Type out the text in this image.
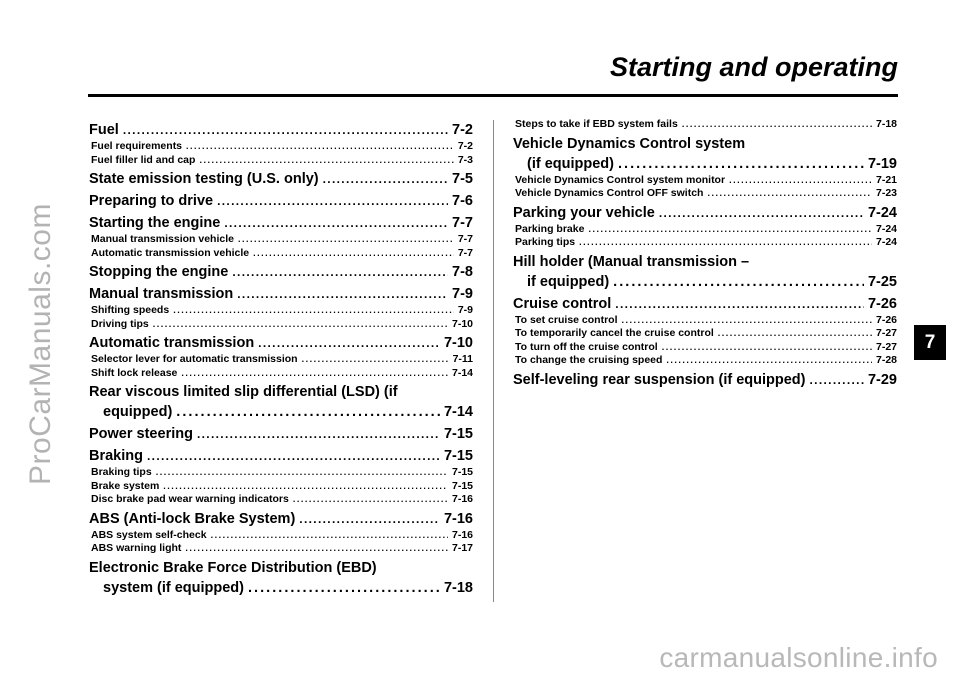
ProCarManuals.com
Starting and operating
Fuel . . .	7-2
Fuel requirements . . .	7-2
Fuel filler lid and cap . . .	7-3
State emission testing (U.S. only) . . .	7-5
Preparing to drive . . .	7-6
Starting the engine . . .	7-7
Manual transmission vehicle . . .	7-7
Automatic transmission vehicle . . .	7-7
Stopping the engine . . .	7-8
Manual transmission . . .	7-9
Shifting speeds . . .	7-9
Driving tips . . .	7-10
Automatic transmission . . .	7-10
Selector lever for automatic transmission . . .	7-11
Shift lock release . . .	7-14
Rear viscous limited slip differential (LSD) (if
equipped) . . .	7-14
Power steering . . .	7-15
Braking . . .	7-15
Braking tips . . .	7-15
Brake system . . .	7-15
Disc brake pad wear warning indicators . . .	7-16
ABS (Anti-lock Brake System) . . .	7-16
ABS system self-check . . .	7-16
ABS warning light . . .	7-17
Electronic Brake Force Distribution (EBD)
system (if equipped) . . .	7-18
Steps to take if EBD system fails . . .	7-18
Vehicle Dynamics Control system
(if equipped) . . .	7-19
Vehicle Dynamics Control system monitor . . .	7-21
Vehicle Dynamics Control OFF switch . . .	7-23
Parking your vehicle . . .	7-24
Parking brake . . .	7-24
Parking tips . . .	7-24
Hill holder (Manual transmission –
if equipped) . . .	7-25
Cruise control . . .	7-26
To set cruise control . . .	7-26
To temporarily cancel the cruise control . . .	7-27
To turn off the cruise control . . .	7-27
To change the cruising speed . . .	7-28
Self-leveling rear suspension (if equipped) . . .	7-29
7
carmanualsonline.info
